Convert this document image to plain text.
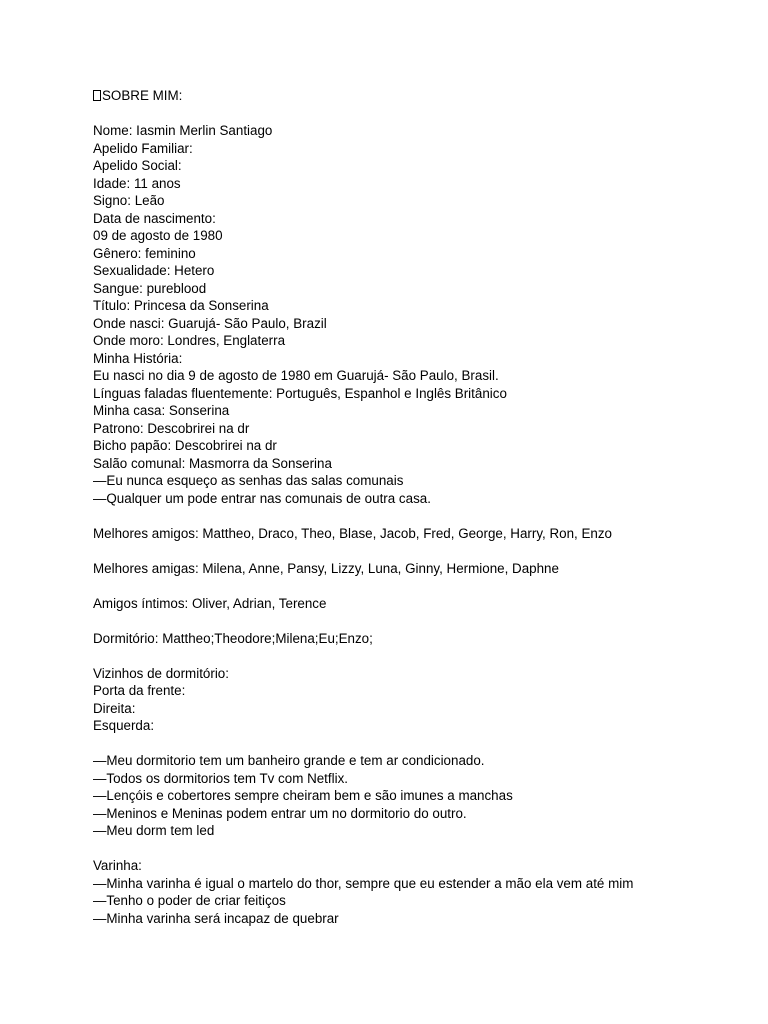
SOBRE MIM:
Nome: Iasmin Merlin Santiago
Apelido Familiar:
Apelido Social:
Idade: 11 anos
Signo: Leão
Data de nascimento:
09 de agosto de 1980
Gênero: feminino
Sexualidade: Hetero
Sangue: pureblood
Título: Princesa da Sonserina
Onde nasci: Guarujá- São Paulo, Brazil
Onde moro: Londres, Englaterra
Minha História:
Eu nasci no dia 9 de agosto de 1980 em Guarujá- São Paulo, Brasil.
Línguas faladas fluentemente: Português, Espanhol e Inglês Britânico
Minha casa: Sonserina
Patrono: Descobrirei na dr
Bicho papão: Descobrirei na dr
Salão comunal: Masmorra da Sonserina
—Eu nunca esqueço as senhas das salas comunais
—Qualquer um pode entrar nas comunais de outra casa.
Melhores amigos: Mattheo, Draco, Theo, Blase, Jacob, Fred, George, Harry, Ron, Enzo
Melhores amigas: Milena, Anne, Pansy, Lizzy, Luna, Ginny, Hermione, Daphne
Amigos íntimos: Oliver, Adrian, Terence
Dormitório: Mattheo;Theodore;Milena;Eu;Enzo;
Vizinhos de dormitório:
Porta da frente:
Direita:
Esquerda:
—Meu dormitorio tem um banheiro grande e tem ar condicionado.
—Todos os dormitorios tem Tv com Netflix.
—Lençóis e cobertores sempre cheiram bem e são imunes a manchas
—Meninos e Meninas podem entrar um no dormitorio do outro.
—Meu dorm tem led
Varinha:
—Minha varinha é igual o martelo do thor, sempre que eu estender a mão ela vem até mim
—Tenho o poder de criar feitiços
—Minha varinha será incapaz de quebrar
